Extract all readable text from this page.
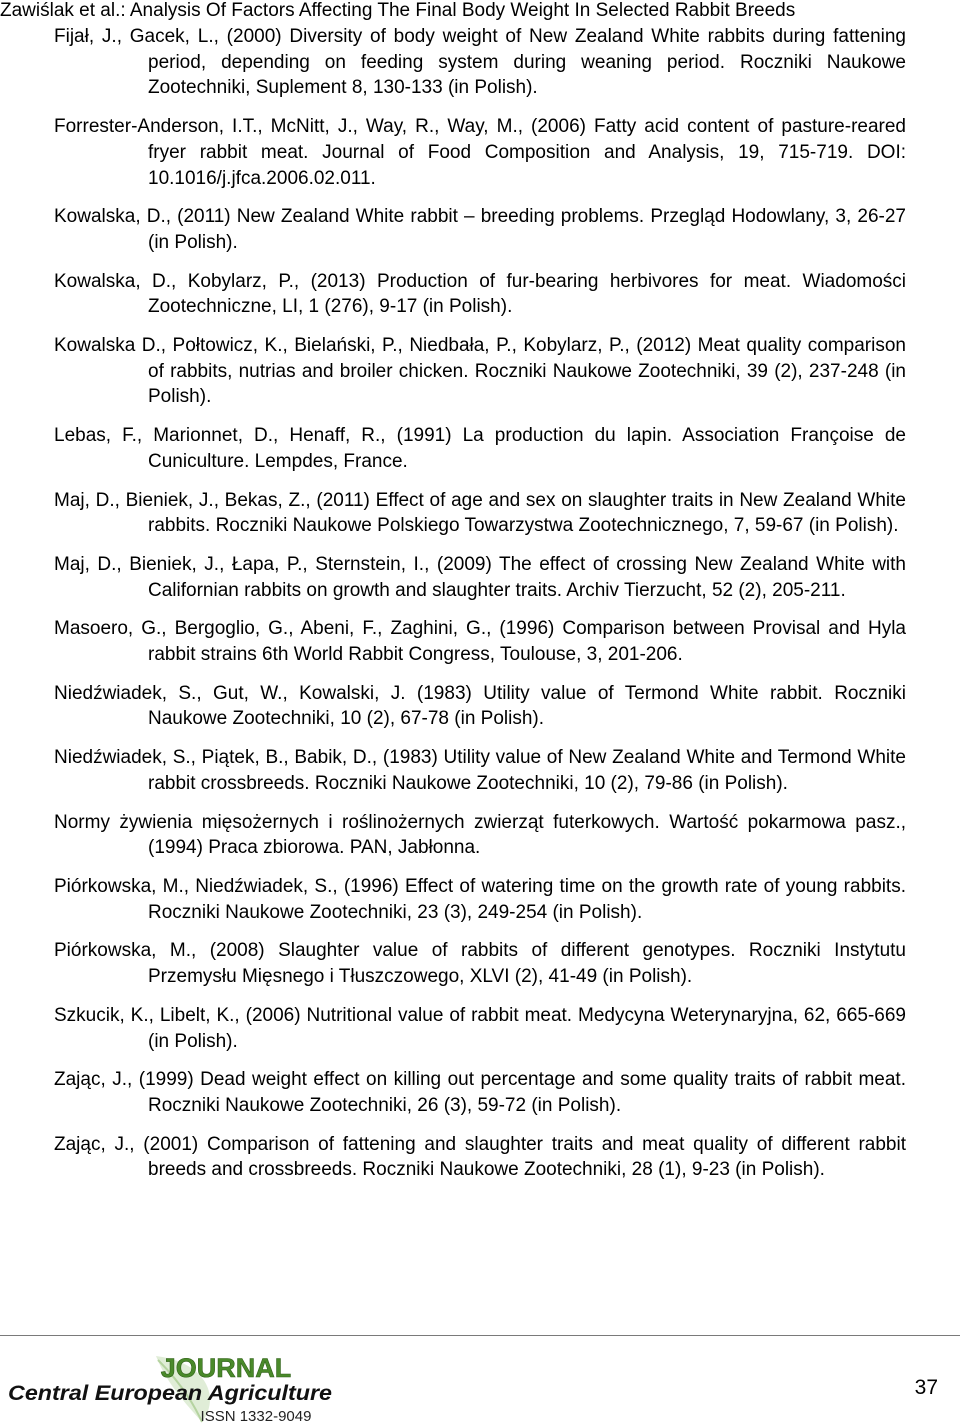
Zawiślak et al.: Analysis Of Factors Affecting The Final Body Weight In Selected Rabbit Breeds
Fijał, J., Gacek, L., (2000) Diversity of body weight of New Zealand White rabbits during fattening period, depending on feeding system during weaning period. Roczniki Naukowe Zootechniki, Suplement 8, 130-133 (in Polish).
Forrester-Anderson, I.T., McNitt, J., Way, R., Way, M., (2006) Fatty acid content of pasture-reared fryer rabbit meat. Journal of Food Composition and Analysis, 19, 715-719. DOI: 10.1016/j.jfca.2006.02.011.
Kowalska, D., (2011) New Zealand White rabbit – breeding problems. Przegląd Hodowlany, 3, 26-27 (in Polish).
Kowalska, D., Kobylarz, P., (2013) Production of fur-bearing herbivores for meat. Wiadomości Zootechniczne, LI, 1 (276), 9-17 (in Polish).
Kowalska D., Połtowicz, K., Bielański, P., Niedbała, P., Kobylarz, P., (2012) Meat quality comparison of rabbits, nutrias and broiler chicken. Roczniki Naukowe Zootechniki, 39 (2), 237-248 (in Polish).
Lebas, F., Marionnet, D., Henaff, R., (1991) La production du lapin. Association Françoise de Cuniculture. Lempdes, France.
Maj, D., Bieniek, J., Bekas, Z., (2011) Effect of age and sex on slaughter traits in New Zealand White rabbits. Roczniki Naukowe Polskiego Towarzystwa Zootechnicznego, 7, 59-67 (in Polish).
Maj, D., Bieniek, J., Łapa, P., Sternstein, I., (2009) The effect of crossing New Zealand White with Californian rabbits on growth and slaughter traits. Archiv Tierzucht, 52 (2), 205-211.
Masoero, G., Bergoglio, G., Abeni, F., Zaghini, G., (1996) Comparison between Provisal and Hyla rabbit strains 6th World Rabbit Congress, Toulouse, 3, 201-206.
Niedźwiadek, S., Gut, W., Kowalski, J. (1983) Utility value of Termond White rabbit. Roczniki Naukowe Zootechniki, 10 (2), 67-78 (in Polish).
Niedźwiadek, S., Piątek, B., Babik, D., (1983) Utility value of New Zealand White and Termond White rabbit crossbreeds. Roczniki Naukowe Zootechniki, 10 (2), 79-86 (in Polish).
Normy żywienia mięsożernych i roślinożernych zwierząt futerkowych. Wartość pokarmowa pasz., (1994) Praca zbiorowa. PAN, Jabłonna.
Piórkowska, M., Niedźwiadek, S., (1996) Effect of watering time on the growth rate of young rabbits. Roczniki Naukowe Zootechniki, 23 (3), 249-254 (in Polish).
Piórkowska, M., (2008) Slaughter value of rabbits of different genotypes. Roczniki Instytutu Przemysłu Mięsnego i Tłuszczowego, XLVI (2), 41-49 (in Polish).
Szkucik, K., Libelt, K., (2006) Nutritional value of rabbit meat. Medycyna Weterynaryjna, 62, 665-669 (in Polish).
Zając, J., (1999) Dead weight effect on killing out percentage and some quality traits of rabbit meat. Roczniki Naukowe Zootechniki, 26 (3), 59-72 (in Polish).
Zając, J., (2001) Comparison of fattening and slaughter traits and meat quality of different rabbit breeds and crossbreeds. Roczniki Naukowe Zootechniki, 28 (1), 9-23 (in Polish).
JOURNAL
Central European Agriculture
ISSN 1332-9049
37
